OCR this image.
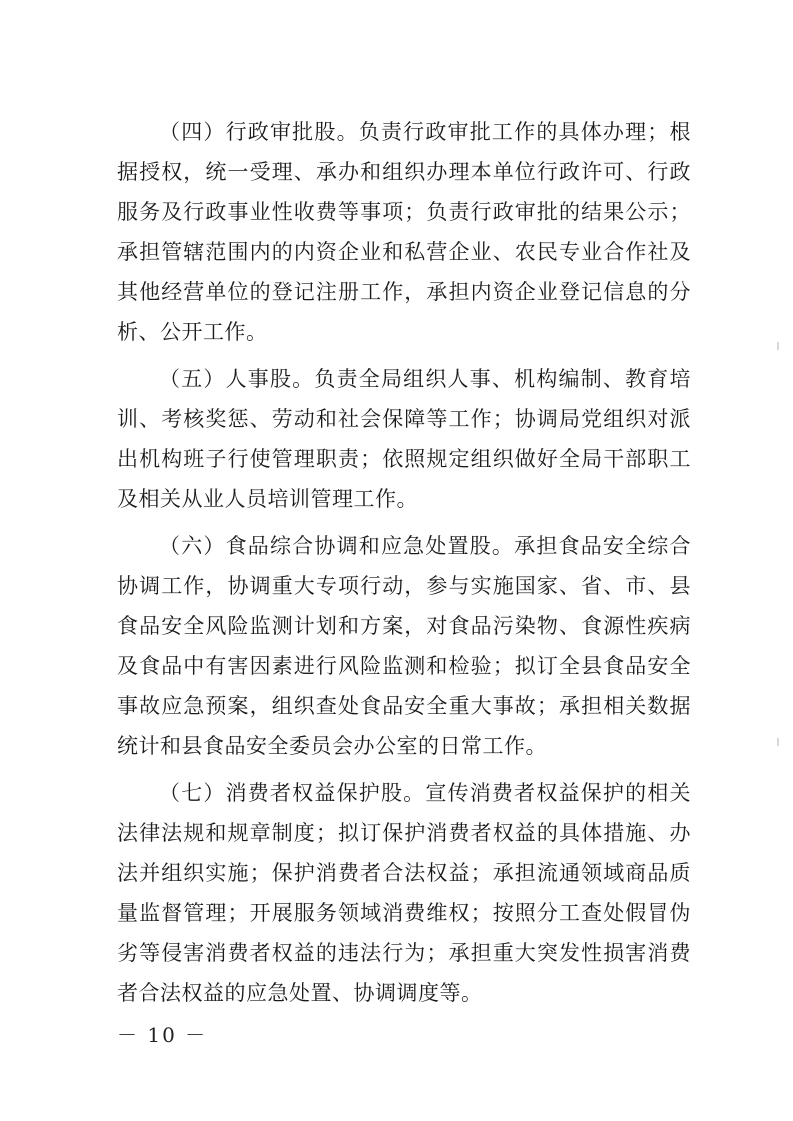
（四）行政审批股。负责行政审批工作的具体办理；根据授权，统一受理、承办和组织办理本单位行政许可、行政服务及行政事业性收费等事项；负责行政审批的结果公示；承担管辖范围内的内资企业和私营企业、农民专业合作社及其他经营单位的登记注册工作，承担内资企业登记信息的分析、公开工作。

（五）人事股。负责全局组织人事、机构编制、教育培训、考核奖惩、劳动和社会保障等工作；协调局党组织对派出机构班子行使管理职责；依照规定组织做好全局干部职工及相关从业人员培训管理工作。

（六）食品综合协调和应急处置股。承担食品安全综合协调工作，协调重大专项行动，参与实施国家、省、市、县食品安全风险监测计划和方案，对食品污染物、食源性疾病及食品中有害因素进行风险监测和检验；拟订全县食品安全事故应急预案，组织查处食品安全重大事故；承担相关数据统计和县食品安全委员会办公室的日常工作。

（七）消费者权益保护股。宣传消费者权益保护的相关法律法规和规章制度；拟订保护消费者权益的具体措施、办法并组织实施；保护消费者合法权益；承担流通领域商品质量监督管理；开展服务领域消费维权；按照分工查处假冒伪劣等侵害消费者权益的违法行为；承担重大突发性损害消费者合法权益的应急处置、协调调度等。

－ 10 －
